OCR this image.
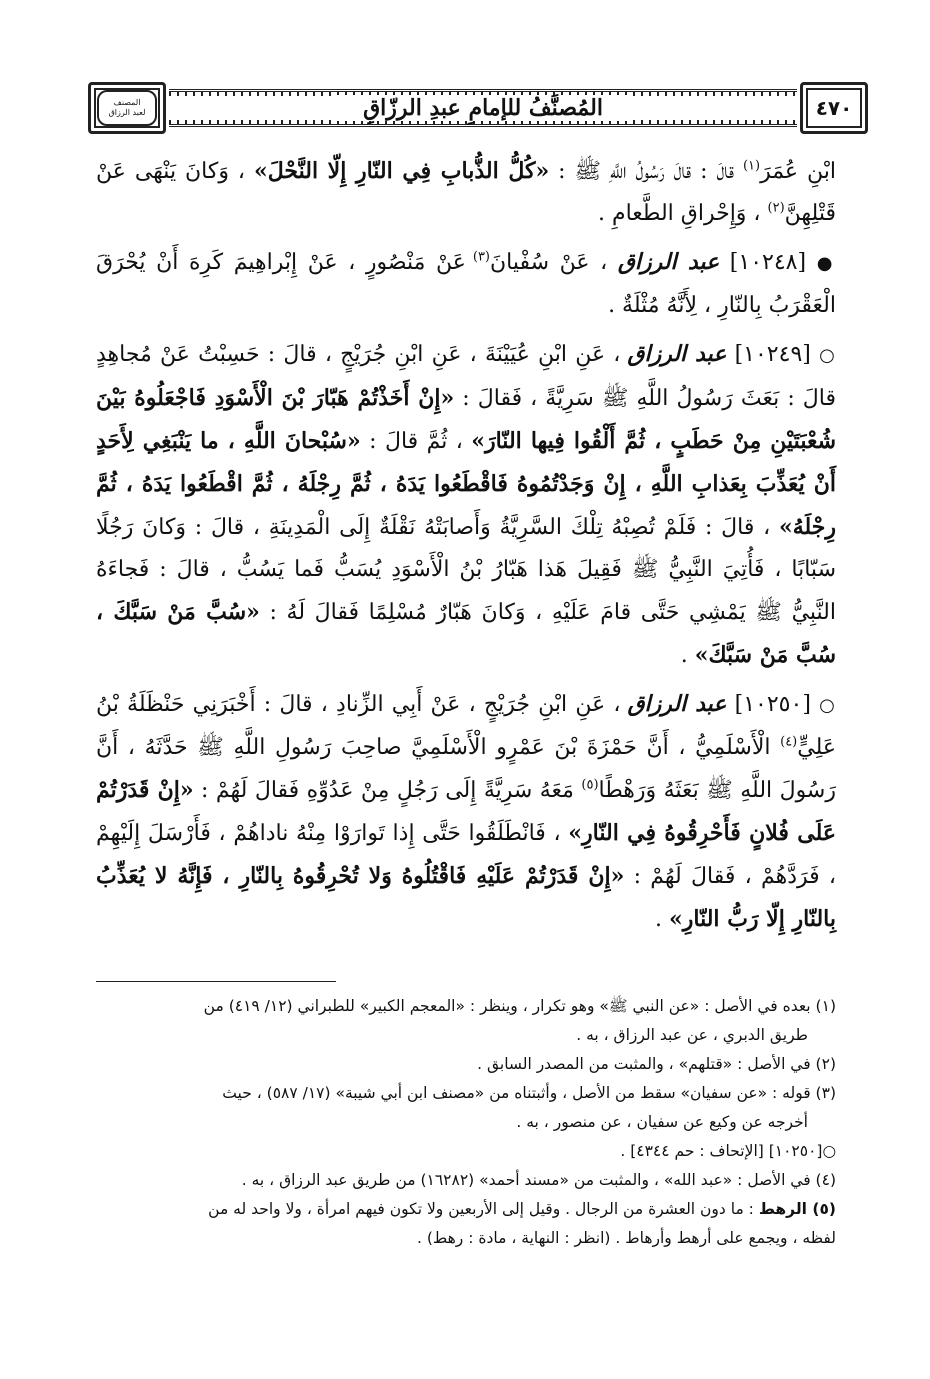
المصنف
لعبد الرزاق	المُصنَّفُ للإمامِ عبدِ الرزّاقِ	٤٧٠

ابْنِ عُمَرَ$^{(١)}$ قالَ : قالَ رَسُولُ اللَّهِ ﷺ : «كُلُّ الذُّبابِ فِي النّارِ إِلّا النَّحْلَ» ، وَكانَ يَنْهَى عَنْ قَتْلِهِنَّ$^{(٢)}$ ، وَإِحْراقِ الطَّعامِ .

● [١٠٢٤٨] عبد الرزاق ، عَنْ سُفْيانَ$^{(٣)}$ عَنْ مَنْصُورٍ ، عَنْ إِبْراهِيمَ كَرِهَ أَنْ يُحْرَقَ الْعَقْرَبُ بِالنّارِ ، لِأَنَّهُ مُثْلَةٌ .

○ [١٠٢٤٩] عبد الرزاق ، عَنِ ابْنِ عُيَيْنَةَ ، عَنِ ابْنِ جُرَيْجٍ ، قالَ : حَسِبْتُ عَنْ مُجاهِدٍ قالَ : بَعَثَ رَسُولُ اللَّهِ ﷺ سَرِيَّةً ، فَقالَ : «إِنْ أَخَذْتُمْ هَبّارَ بْنَ الْأَسْوَدِ فَاجْعَلُوهُ بَيْنَ شُعْبَتَيْنِ مِنْ حَطَبٍ ، ثُمَّ أَلْقُوا فِيها النّارَ» ، ثُمَّ قالَ : «سُبْحانَ اللَّهِ ، ما يَنْبَغِي لِأَحَدٍ أَنْ يُعَذِّبَ بِعَذابِ اللَّهِ ، إِنْ وَجَدْتُمُوهُ فَاقْطَعُوا يَدَهُ ، ثُمَّ رِجْلَهُ ، ثُمَّ اقْطَعُوا يَدَهُ ، ثُمَّ رِجْلَهُ» ، قالَ : فَلَمْ تُصِبْهُ تِلْكَ السَّرِيَّةُ وَأَصابَتْهُ نَقْلَةٌ إِلَى الْمَدِينَةِ ، قالَ : وَكانَ رَجُلًا سَبّابًا ، فَأُتِيَ النَّبِيُّ ﷺ فَقِيلَ هَذا هَبّارُ بْنُ الْأَسْوَدِ يُسَبُّ فَما يَسُبُّ ، قالَ : فَجاءَهُ النَّبِيُّ ﷺ يَمْشِي حَتَّى قامَ عَلَيْهِ ، وَكانَ هَبّارٌ مُسْلِمًا فَقالَ لَهُ : «سُبَّ مَنْ سَبَّكَ ، سُبَّ مَنْ سَبَّكَ» .

○ [١٠٢٥٠] عبد الرزاق ، عَنِ ابْنِ جُرَيْجٍ ، عَنْ أَبِي الزِّنادِ ، قالَ : أَخْبَرَنِي حَنْظَلَةُ بْنُ عَلِيٍّ$^{(٤)}$ الْأَسْلَمِيُّ ، أَنَّ حَمْزَةَ بْنَ عَمْرٍو الْأَسْلَمِيَّ صاحِبَ رَسُولِ اللَّهِ ﷺ حَدَّثَهُ ، أَنَّ رَسُولَ اللَّهِ ﷺ بَعَثَهُ وَرَهْطًا$^{(٥)}$ مَعَهُ سَرِيَّةً إِلَى رَجُلٍ مِنْ عَدُوِّهِ فَقالَ لَهُمْ : «إِنْ قَدَرْتُمْ عَلَى فُلانٍ فَأَحْرِقُوهُ فِي النّارِ» ، فَانْطَلَقُوا حَتَّى إِذا تَوارَوْا مِنْهُ ناداهُمْ ، فَأَرْسَلَ إِلَيْهِمْ ، فَرَدَّهُمْ ، فَقالَ لَهُمْ : «إِنْ قَدَرْتُمْ عَلَيْهِ فَاقْتُلُوهُ وَلا تُحْرِقُوهُ بِالنّارِ ، فَإِنَّهُ لا يُعَذِّبُ بِالنّارِ إِلّا رَبُّ النّارِ» .

(١) بعده في الأصل : «عن النبي ﷺ» وهو تكرار ، وينظر : «المعجم الكبير» للطبراني (١٢/ ٤١٩) من

طريق الدبري ، عن عبد الرزاق ، به .

(٢) في الأصل : «قتلهم» ، والمثبت من المصدر السابق .

(٣) قوله : «عن سفيان» سقط من الأصل ، وأثبتناه من «مصنف ابن أبي شيبة» (١٧/ ٥٨٧) ، حيث

أخرجه عن وكيع عن سفيان ، عن منصور ، به .

○[١٠٢٥٠] [الإتحاف : حم ٤٣٤٤] .

(٤) في الأصل : «عبد الله» ، والمثبت من «مسند أحمد» (١٦٢٨٢) من طريق عبد الرزاق ، به .

(٥) الرهط : ما دون العشرة من الرجال . وقيل إلى الأربعين ولا تكون فيهم امرأة ، ولا واحد له من

لفظه ، ويجمع على أرهط وأرهاط . (انظر : النهاية ، مادة : رهط) .
